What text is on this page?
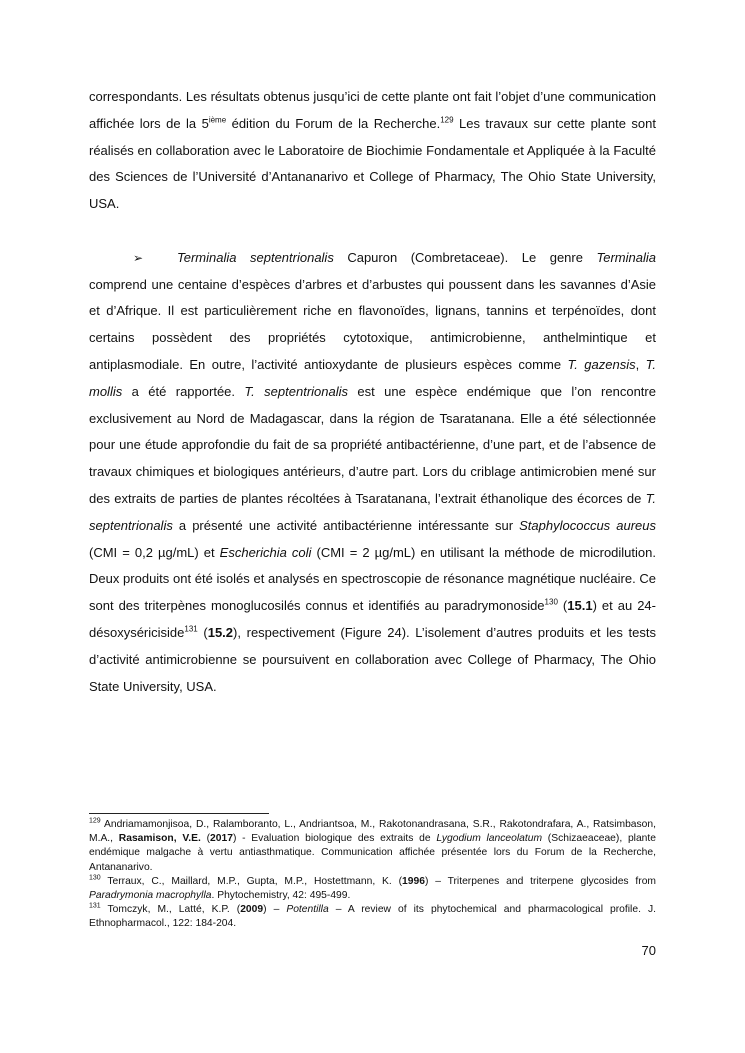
correspondants. Les résultats obtenus jusqu’ici de cette plante ont fait l’objet d’une communication affichée lors de la 5ième édition du Forum de la Recherche.$^{129}$ Les travaux sur cette plante sont réalisés en collaboration avec le Laboratoire de Biochimie Fondamentale et Appliquée à la Faculté des Sciences de l’Université d’Antananarivo et College of Pharmacy, The Ohio State University, USA.

➢	Terminalia septentrionalis Capuron (Combretaceae). Le genre Terminalia comprend une centaine d’espèces d’arbres et d’arbustes qui poussent dans les savannes d’Asie et d’Afrique. Il est particulièrement riche en flavonoïdes, lignans, tannins et terpénoïdes, dont certains possèdent des propriétés cytotoxique, antimicrobienne, anthelmintique et antiplasmodiale. En outre, l’activité antioxydante de plusieurs espèces comme T. gazensis, T. mollis a été rapportée. T. septentrionalis est une espèce endémique que l’on rencontre exclusivement au Nord de Madagascar, dans la région de Tsaratanana. Elle a été sélectionnée pour une étude approfondie du fait de sa propriété antibactérienne, d’une part, et de l’absence de travaux chimiques et biologiques antérieurs, d’autre part. Lors du criblage antimicrobien mené sur des extraits de parties de plantes récoltées à Tsaratanana, l’extrait éthanolique des écorces de T. septentrionalis a présenté une activité antibactérienne intéressante sur Staphylococcus aureus (CMI = 0,2 µg/mL) et Escherichia coli (CMI = 2 µg/mL) en utilisant la méthode de microdilution. Deux produits ont été isolés et analysés en spectroscopie de résonance magnétique nucléaire. Ce sont des triterpènes monoglucosilés connus et identifiés au paradrymonoside$^{130}$ (15.1) et au 24-désoxysériciside$^{131}$ (15.2), respectivement (Figure 24). L’isolement d’autres produits et les tests d’activité antimicrobienne se poursuivent en collaboration avec College of Pharmacy, The Ohio State University, USA.

$^{129}$ Andriamamonjisoa, D., Ralamboranto, L., Andriantsoa, M., Rakotonandrasana, S.R., Rakotondrafara, A., Ratsimbason, M.A., Rasamison, V.E. (2017) - Evaluation biologique des extraits de Lygodium lanceolatum (Schizaeaceae), plante endémique malgache à vertu antiasthmatique. Communication affichée présentée lors du Forum de la Recherche, Antananarivo.

$^{130}$ Terraux, C., Maillard, M.P., Gupta, M.P., Hostettmann, K. (1996) – Triterpenes and triterpene glycosides from Paradrymonia macrophylla. Phytochemistry, 42: 495-499.

$^{131}$ Tomczyk, M., Latté, K.P. (2009) – Potentilla – A review of its phytochemical and pharmacological profile. J. Ethnopharmacol., 122: 184-204.

70
